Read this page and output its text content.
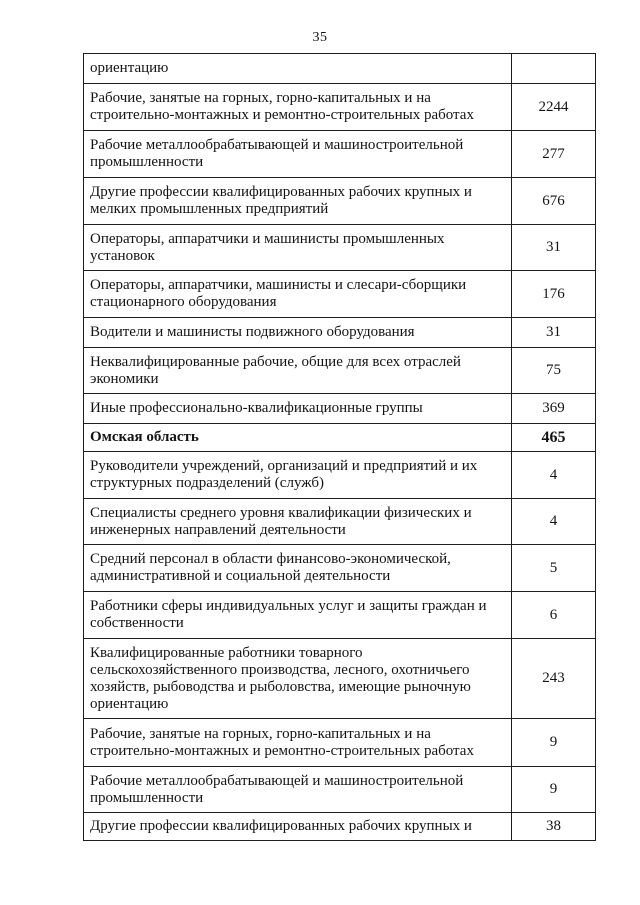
35
ориентацию	
Рабочие, занятые на горных, горно-капитальных и на строительно-монтажных и ремонтно-строительных работах	2244
Рабочие металлообрабатывающей и машиностроительной промышленности	277
Другие профессии квалифицированных рабочих крупных и мелких промышленных предприятий	676
Операторы, аппаратчики и машинисты промышленных установок	31
Операторы, аппаратчики, машинисты и слесари-сборщики стационарного оборудования	176
Водители и машинисты подвижного оборудования	31
Неквалифицированные рабочие, общие для всех отраслей экономики	75
Иные профессионально-квалификационные группы	369
Омская область	465
Руководители учреждений, организаций и предприятий и их структурных подразделений (служб)	4
Специалисты среднего уровня квалификации физических и инженерных направлений деятельности	4
Средний персонал в области финансово-экономической, административной и социальной деятельности	5
Работники сферы индивидуальных услуг и защиты граждан и собственности	6
Квалифицированные работники товарного сельскохозяйственного производства, лесного, охотничьего хозяйств, рыбоводства и рыболовства, имеющие рыночную ориентацию	243
Рабочие, занятые на горных, горно-капитальных и на строительно-монтажных и ремонтно-строительных работах	9
Рабочие металлообрабатывающей и машиностроительной промышленности	9
Другие профессии квалифицированных рабочих крупных и	38
